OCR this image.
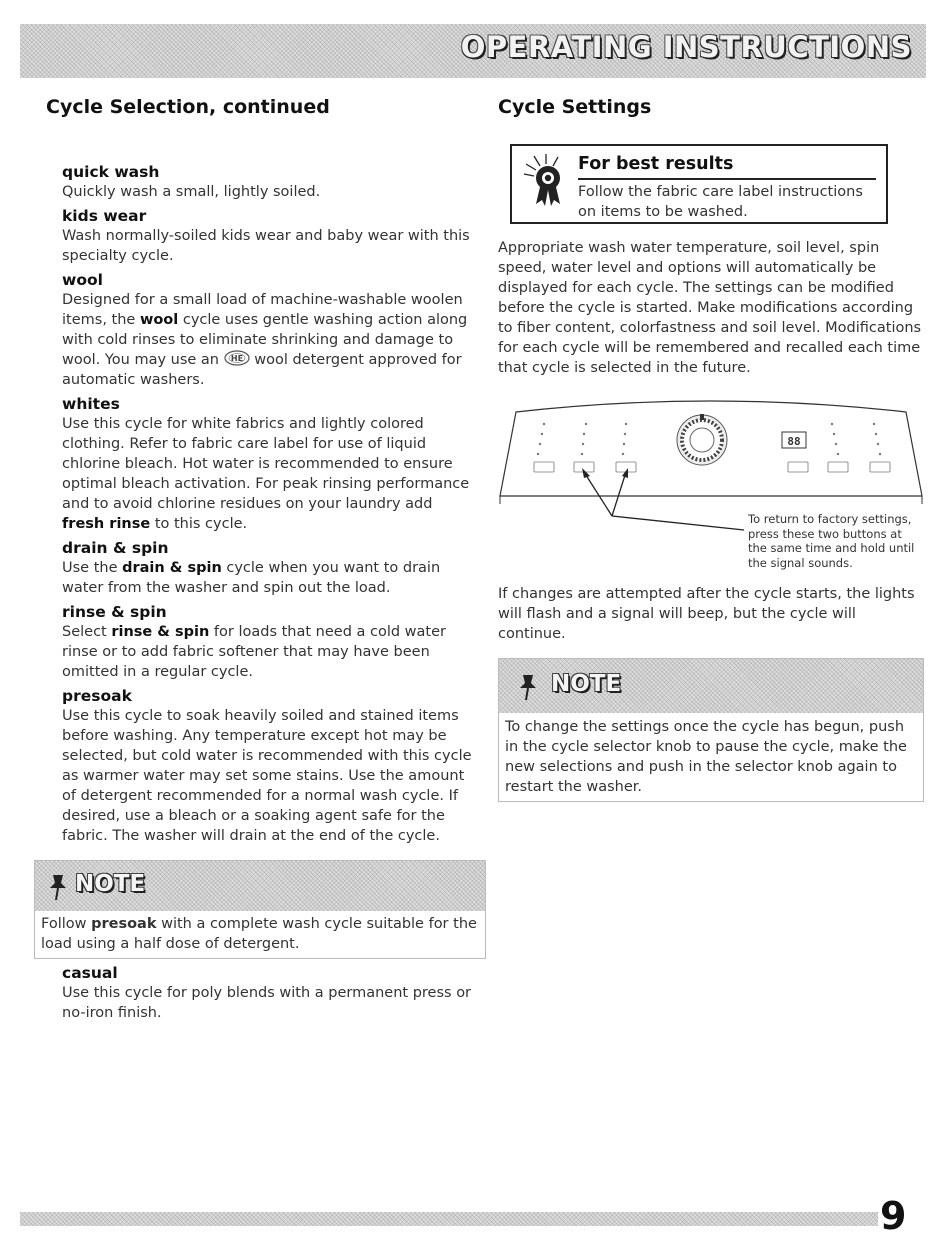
OPERATING INSTRUCTIONS
Cycle Selection, continued

quick wash

Quickly wash a small, lightly soiled.

kids wear

Wash normally-soiled kids wear and baby wear with this specialty cycle.

wool

Designed for a small load of machine-washable woolen items, the wool cycle uses gentle washing action along with cold rinses to eliminate shrinking and damage to wool. You may use an HE wool detergent approved for automatic washers.

whites

Use this cycle for white fabrics and lightly colored clothing. Refer to fabric care label for use of liquid chlorine bleach. Hot water is recommended to ensure optimal bleach activation. For peak rinsing performance and to avoid chlorine residues on your laundry add fresh rinse to this cycle.

drain & spin

Use the drain & spin cycle when you want to drain water from the washer and spin out the load.

rinse & spin

Select rinse & spin for loads that need a cold water rinse or to add fabric softener that may have been omitted in a regular cycle.

presoak

Use this cycle to soak heavily soiled and stained items before washing. Any temperature except hot may be selected, but cold water is recommended with this cycle as warmer water may set some stains. Use the amount of detergent recommended for a normal wash cycle. If desired, use a bleach or a soaking agent safe for the fabric. The washer will drain at the end of the cycle.

NOTE
Follow presoak with a complete wash cycle suitable for the load using a half dose of detergent.

casual

Use this cycle for poly blends with a permanent press or no-iron finish.

Cycle Settings
For best results
Follow the fabric care label instructions on items to be washed.

Appropriate wash water temperature, soil level, spin speed, water level and options will automatically be displayed for each cycle. The settings can be modified before the cycle is started. Make modifications according to fiber content, colorfastness and soil level. Modifications for each cycle will be remembered and recalled each time that cycle is selected in the future.

88
To return to factory settings, press these two buttons at the same time and hold until the signal sounds.

If changes are attempted after the cycle starts, the lights will flash and a signal will beep, but the cycle will continue.

NOTE
To change the settings once the cycle has begun, push in the cycle selector knob to pause the cycle, make the new selections and push in the selector knob again to restart the washer.
9
